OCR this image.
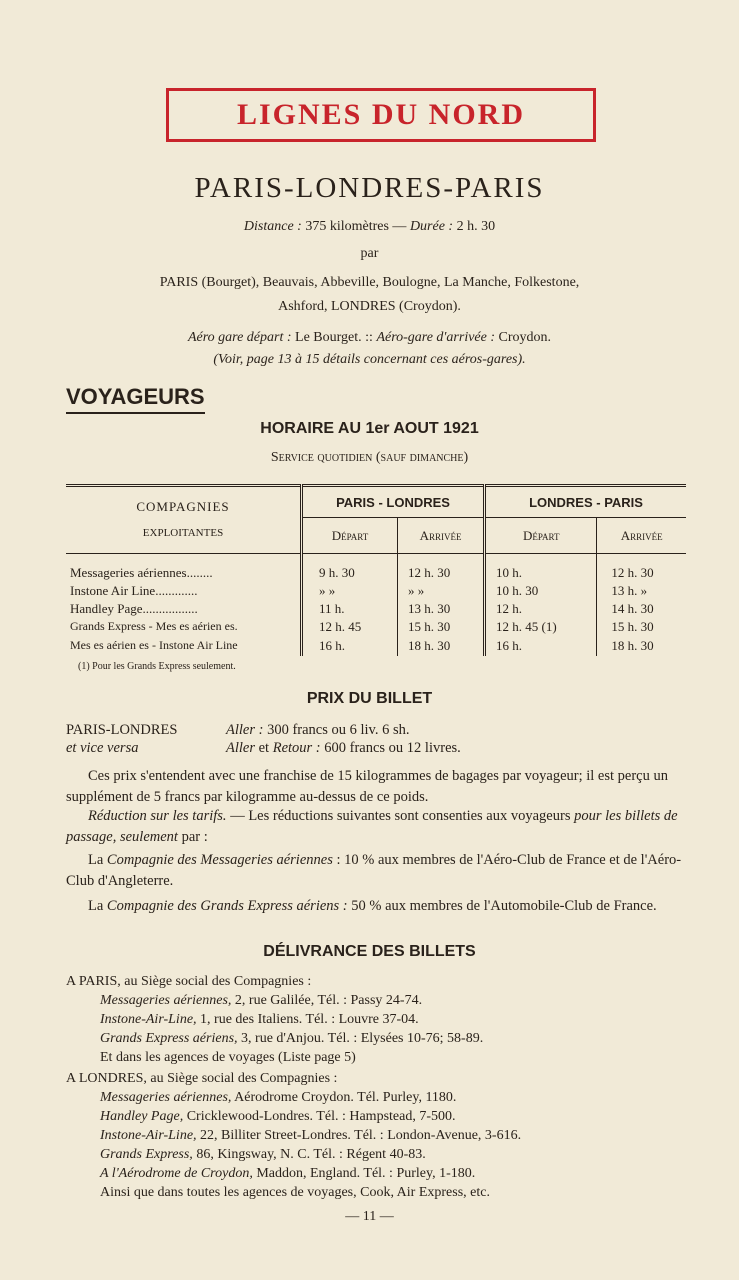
LIGNES DU NORD
PARIS-LONDRES-PARIS
Distance : 375 kilomètres — Durée : 2 h. 30
par
PARIS (Bourget), Beauvais, Abbeville, Boulogne, La Manche, Folkestone,
Ashford, LONDRES (Croydon).
Aéro gare départ : Le Bourget. :: Aéro-gare d'arrivée : Croydon.
(Voir, page 13 à 15 détails concernant ces aéros-gares).
VOYAGEURS
HORAIRE AU 1er AOUT 1921
Service quotidien (sauf dimanche)
COMPAGNIES
EXPLOITANTES	PARIS - LONDRES		LONDRES - PARIS	
	Départ	Arrivée	Départ	Arrivée

Messageries aériennes........	9 h. 30	12 h. 30	10 h.	12 h. 30
Instone Air Line.............	» »	» »	10 h. 30	13 h. »
Handley Page.................	11 h.	13 h. 30	12 h.	14 h. 30
Grands Express - Mes es aérien es.	12 h. 45	15 h. 30	12 h. 45 (1)	15 h. 30
Mes es aérien es - Instone Air Line	16 h.	18 h. 30	16 h.	18 h. 30
(1) Pour les Grands Express seulement.
PRIX DU BILLET
PARIS-LONDRES	Aller : 300 francs ou 6 liv. 6 sh.
et vice versa	Aller et Retour : 600 francs ou 12 livres.
Ces prix s'entendent avec une franchise de 15 kilogrammes de bagages par voyageur; il est perçu un supplément de 5 francs par kilogramme au-dessus de ce poids.
Réduction sur les tarifs. — Les réductions suivantes sont consenties aux voyageurs pour les billets de passage, seulement par :
La Compagnie des Messageries aériennes : 10 % aux membres de l'Aéro-Club de France et de l'Aéro-Club d'Angleterre.
La Compagnie des Grands Express aériens : 50 % aux membres de l'Automobile-Club de France.
DÉLIVRANCE DES BILLETS
A PARIS, au Siège social des Compagnies :
Messageries aériennes, 2, rue Galilée, Tél. : Passy 24-74.
Instone-Air-Line, 1, rue des Italiens. Tél. : Louvre 37-04.
Grands Express aériens, 3, rue d'Anjou. Tél. : Elysées 10-76; 58-89.
Et dans les agences de voyages (Liste page 5)
A LONDRES, au Siège social des Compagnies :
Messageries aériennes, Aérodrome Croydon. Tél. Purley, 1180.
Handley Page, Cricklewood-Londres. Tél. : Hampstead, 7-500.
Instone-Air-Line, 22, Billiter Street-Londres. Tél. : London-Avenue, 3-616.
Grands Express, 86, Kingsway, N. C. Tél. : Régent 40-83.
A l'Aérodrome de Croydon, Maddon, England. Tél. : Purley, 1-180.
Ainsi que dans toutes les agences de voyages, Cook, Air Express, etc.
— 11 —
